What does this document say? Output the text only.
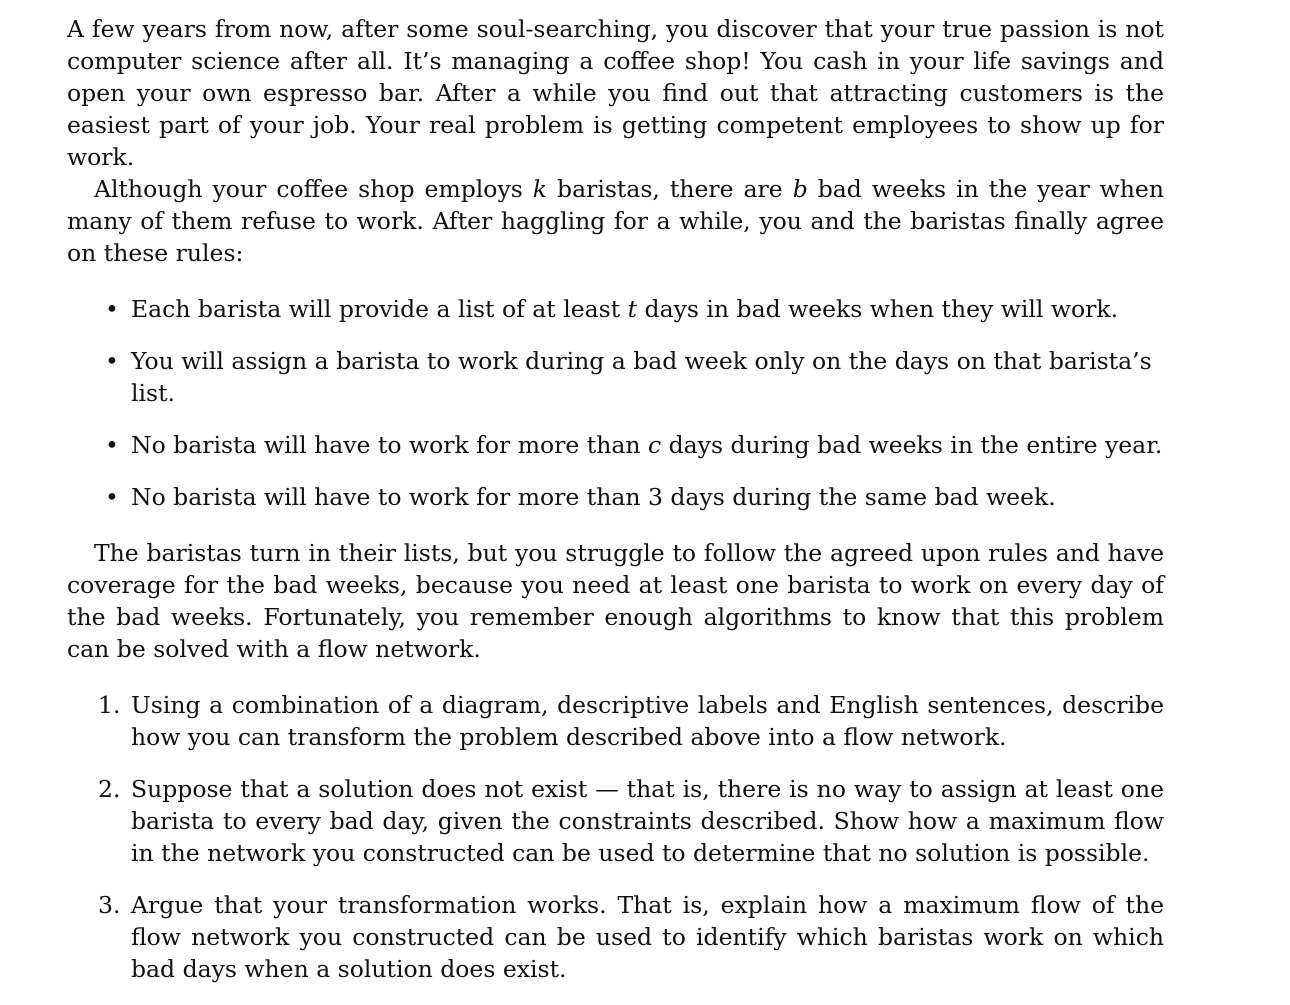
A few years from now, after some soul-searching, you discover that your true passion is not computer science after all. It’s managing a coffee shop! You cash in your life savings and open your own espresso bar. After a while you find out that attracting customers is the easiest part of your job. Your real problem is getting competent employees to show up for work.

Although your coffee shop employs k baristas, there are b bad weeks in the year when many of them refuse to work. After haggling for a while, you and the baristas finally agree on these rules:

• Each barista will provide a list of at least t days in bad weeks when they will work.
• You will assign a barista to work during a bad week only on the days on that barista’s list.
• No barista will have to work for more than c days during bad weeks in the entire year.
• No barista will have to work for more than 3 days during the same bad week.

The baristas turn in their lists, but you struggle to follow the agreed upon rules and have coverage for the bad weeks, because you need at least one barista to work on every day of the bad weeks. Fortunately, you remember enough algorithms to know that this problem can be solved with a flow network.

1. Using a combination of a diagram, descriptive labels and English sentences, describe how you can transform the problem described above into a flow network.
2. Suppose that a solution does not exist — that is, there is no way to assign at least one barista to every bad day, given the constraints described. Show how a maximum flow in the network you constructed can be used to determine that no solution is possible.
3. Argue that your transformation works. That is, explain how a maximum flow of the flow network you constructed can be used to identify which baristas work on which bad days when a solution does exist.
